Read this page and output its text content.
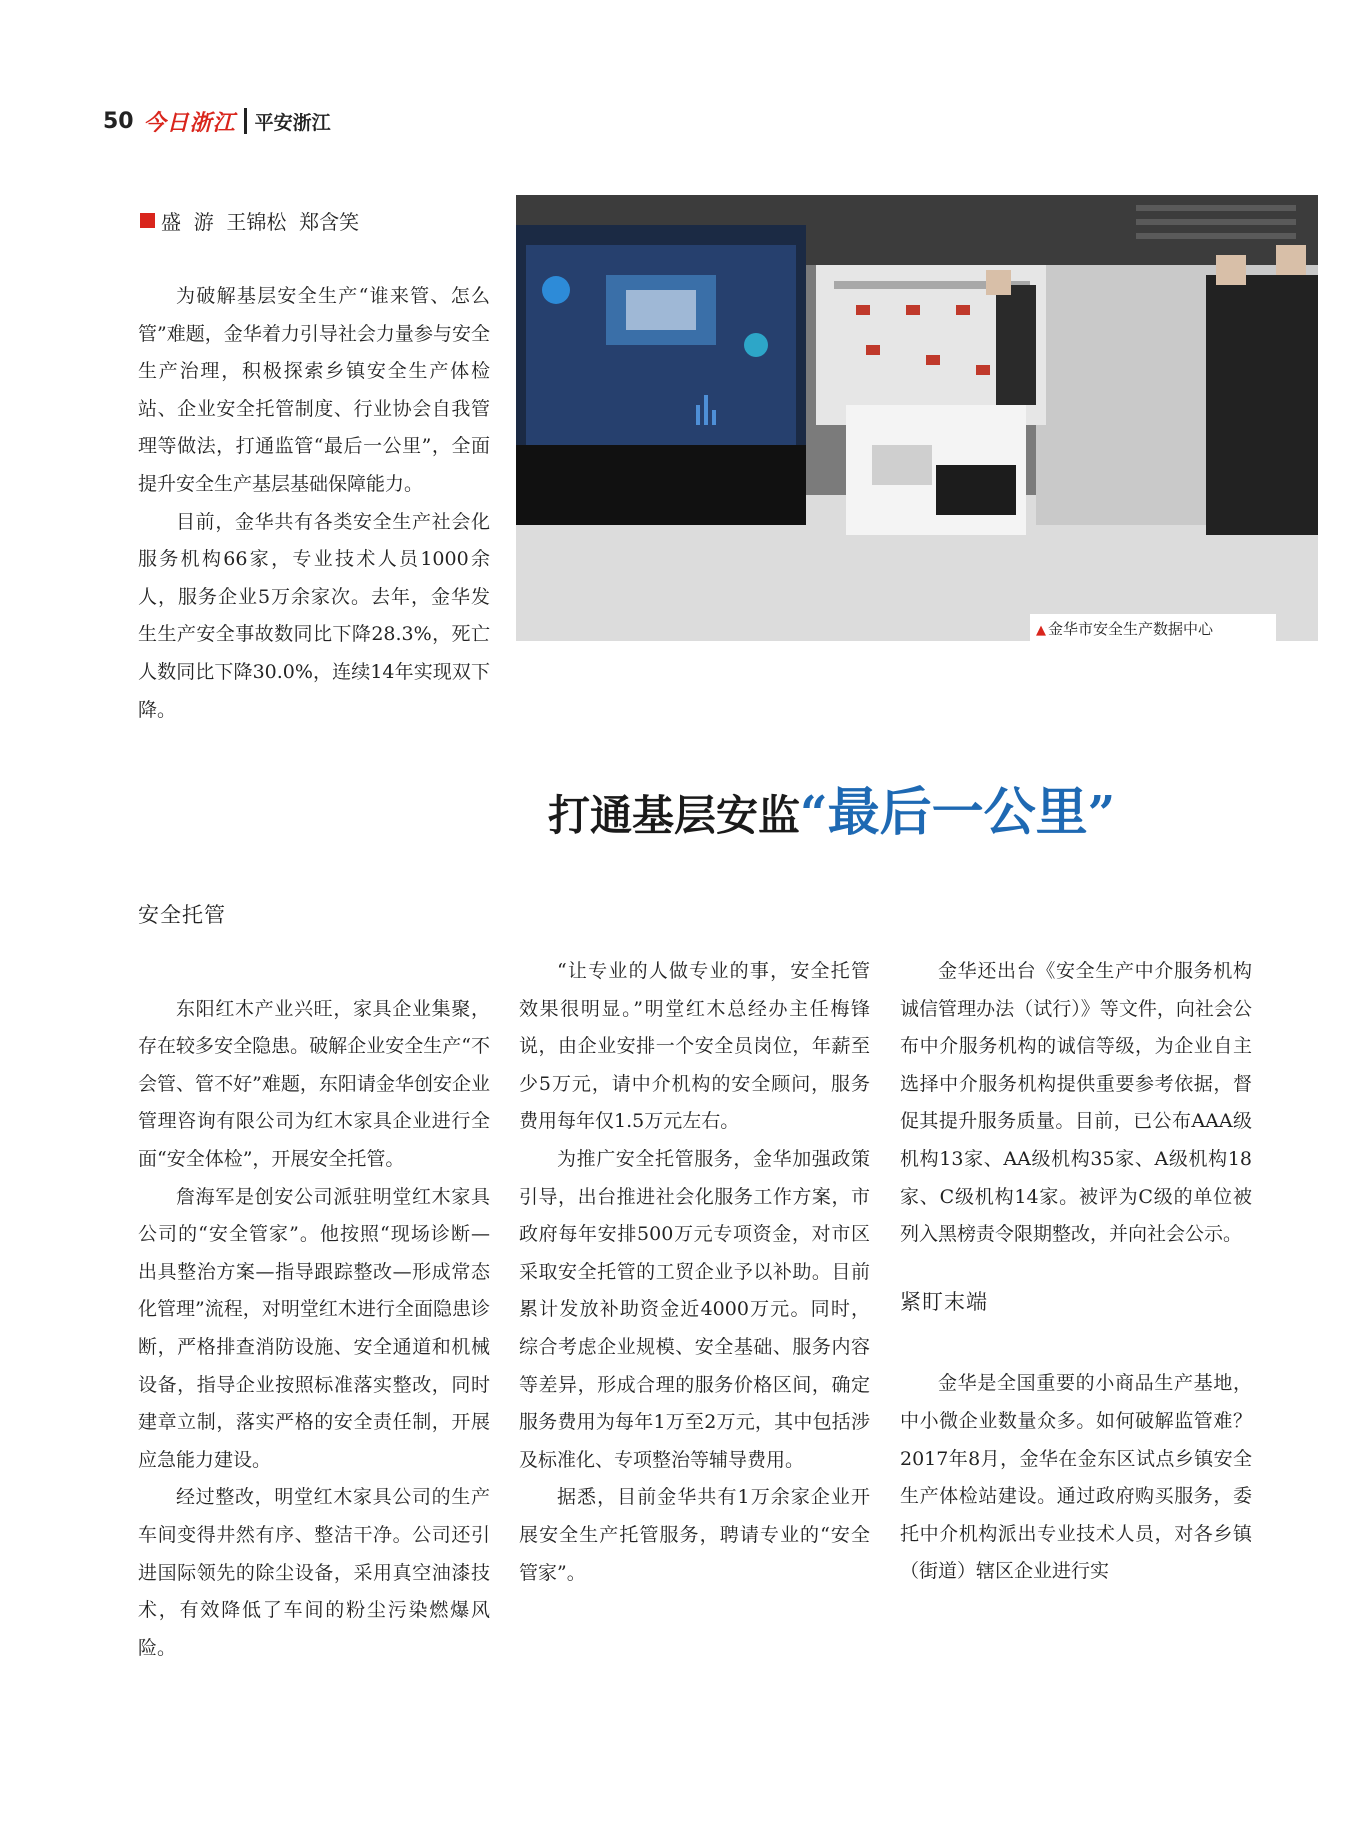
50 今日浙江 平安浙江
盛  游  王锦松  郑含笑

为破解基层安全生产“谁来管、怎么管”难题，金华着力引导社会力量参与安全生产治理，积极探索乡镇安全生产体检站、企业安全托管制度、行业协会自我管理等做法，打通监管“最后一公里”，全面提升安全生产基层基础保障能力。

目前，金华共有各类安全生产社会化服务机构66家，专业技术人员1000余人，服务企业5万余家次。去年，金华发生生产安全事故数同比下降28.3%，死亡人数同比下降30.0%，连续14年实现双下降。

安全托管

东阳红木产业兴旺，家具企业集聚，存在较多安全隐患。破解企业安全生产“不会管、管不好”难题，东阳请金华创安企业管理咨询有限公司为红木家具企业进行全面“安全体检”，开展安全托管。

詹海军是创安公司派驻明堂红木家具公司的“安全管家”。他按照“现场诊断—出具整治方案—指导跟踪整改—形成常态化管理”流程，对明堂红木进行全面隐患诊断，严格排查消防设施、安全通道和机械设备，指导企业按照标准落实整改，同时建章立制，落实严格的安全责任制，开展应急能力建设。

经过整改，明堂红木家具公司的生产车间变得井然有序、整洁干净。公司还引进国际领先的除尘设备，采用真空油漆技术，有效降低了车间的粉尘污染燃爆风险。

▲ 金华市安全生产数据中心
打通基层安监 “ 最后一公里 ”

“让专业的人做专业的事，安全托管效果很明显。”明堂红木总经办主任梅锋说，由企业安排一个安全员岗位，年薪至少5万元，请中介机构的安全顾问，服务费用每年仅1.5万元左右。

为推广安全托管服务，金华加强政策引导，出台推进社会化服务工作方案，市政府每年安排500万元专项资金，对市区采取安全托管的工贸企业予以补助。目前累计发放补助资金近4000万元。同时，综合考虑企业规模、安全基础、服务内容等差异，形成合理的服务价格区间，确定服务费用为每年1万至2万元，其中包括涉及标准化、专项整治等辅导费用。

据悉，目前金华共有1万余家企业开展安全生产托管服务，聘请专业的“安全管家”。

金华还出台《安全生产中介服务机构诚信管理办法（试行）》等文件，向社会公布中介服务机构的诚信等级，为企业自主选择中介服务机构提供重要参考依据，督促其提升服务质量。目前，已公布AAA级机构13家、AA级机构35家、A级机构18家、C级机构14家。被评为C级的单位被列入黑榜责令限期整改，并向社会公示。

紧盯末端

金华是全国重要的小商品生产基地，中小微企业数量众多。如何破解监管难？2017年8月，金华在金东区试点乡镇安全生产体检站建设。通过政府购买服务，委托中介机构派出专业技术人员，对各乡镇（街道）辖区企业进行实
